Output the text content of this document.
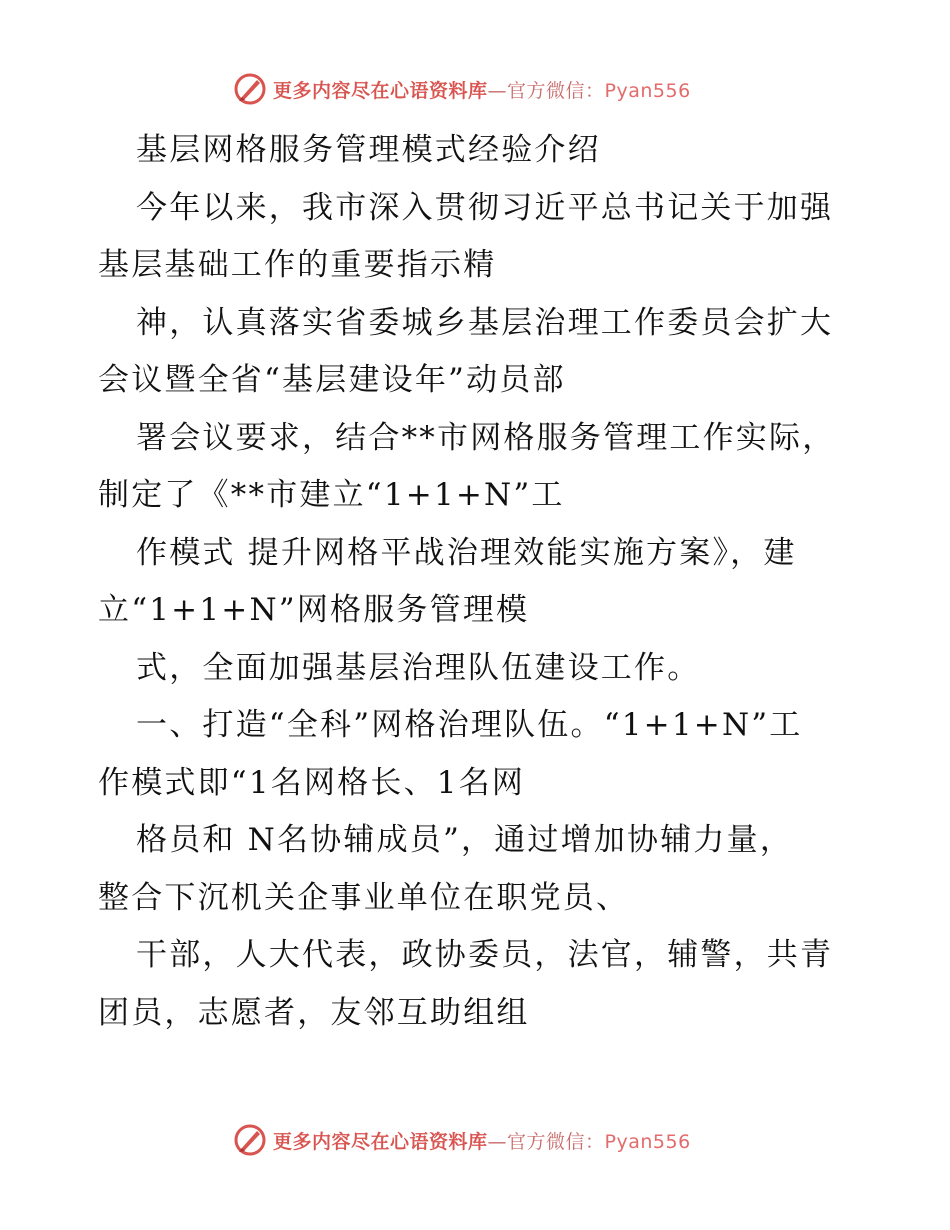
更多内容尽在心语资料库—官方微信：Pyan556
基层网格服务管理模式经验介绍
今年以来，我市深入贯彻习近平总书记关于加强
基层基础工作的重要指示精
神，认真落实省委城乡基层治理工作委员会扩大
会议暨全省“基层建设年”动员部
署会议要求，结合**市网格服务管理工作实际，
制定了《**市建立“1+1+N”工
作模式 提升网格平战治理效能实施方案》，建
立“1+1+N”网格服务管理模
式，全面加强基层治理队伍建设工作。
一、打造“全科”网格治理队伍。“1+1+N”工
作模式即“1名网格长、1名网
格员和 N名协辅成员”，通过增加协辅力量，
整合下沉机关企事业单位在职党员、
干部，人大代表，政协委员，法官，辅警，共青
团员，志愿者，友邻互助组组
更多内容尽在心语资料库—官方微信：Pyan556
